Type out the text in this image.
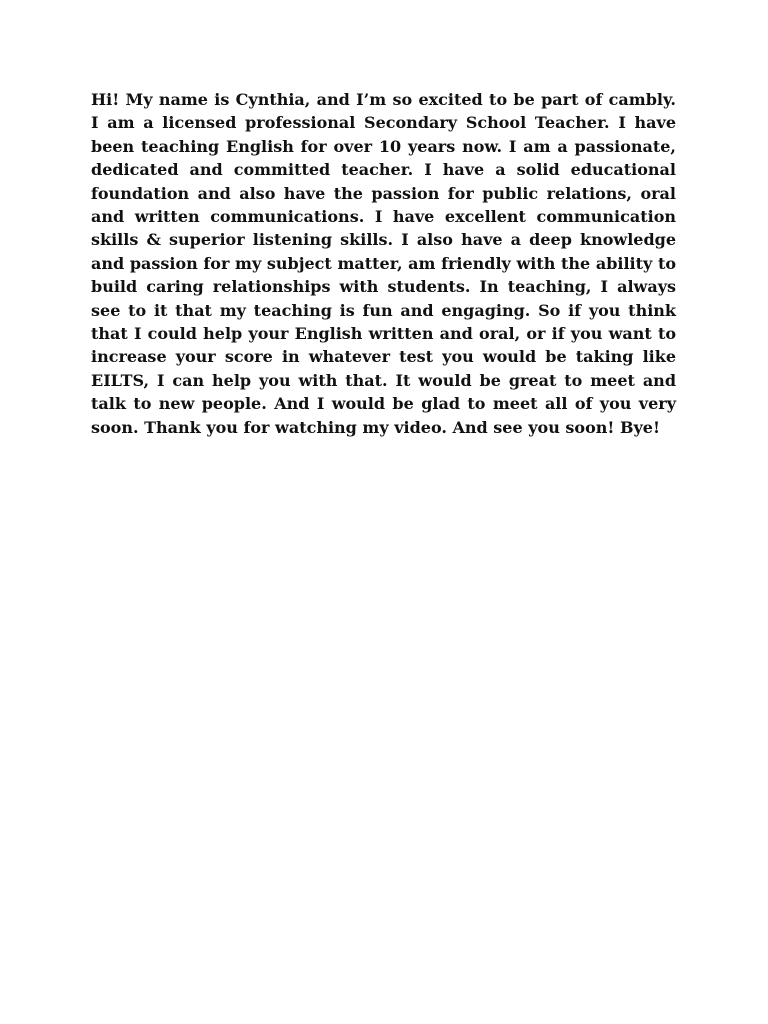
Hi! My name is Cynthia, and I’m so excited to be part of cambly. I am a licensed professional Secondary School Teacher. I have been teaching English for over 10 years now. I am a passionate, dedicated and committed teacher. I have a solid educational foundation and also have the passion for public relations, oral and written communications. I have excellent communication skills & superior listening skills. I also have a deep knowledge and passion for my subject matter, am friendly with the ability to build caring relationships with students. In teaching, I always see to it that my teaching is fun and engaging. So if you think that I could help your English written and oral, or if you want to increase your score in whatever test you would be taking like EILTS, I can help you with that. It would be great to meet and talk to new people. And I would be glad to meet all of you very soon. Thank you for watching my video. And see you soon! Bye!
